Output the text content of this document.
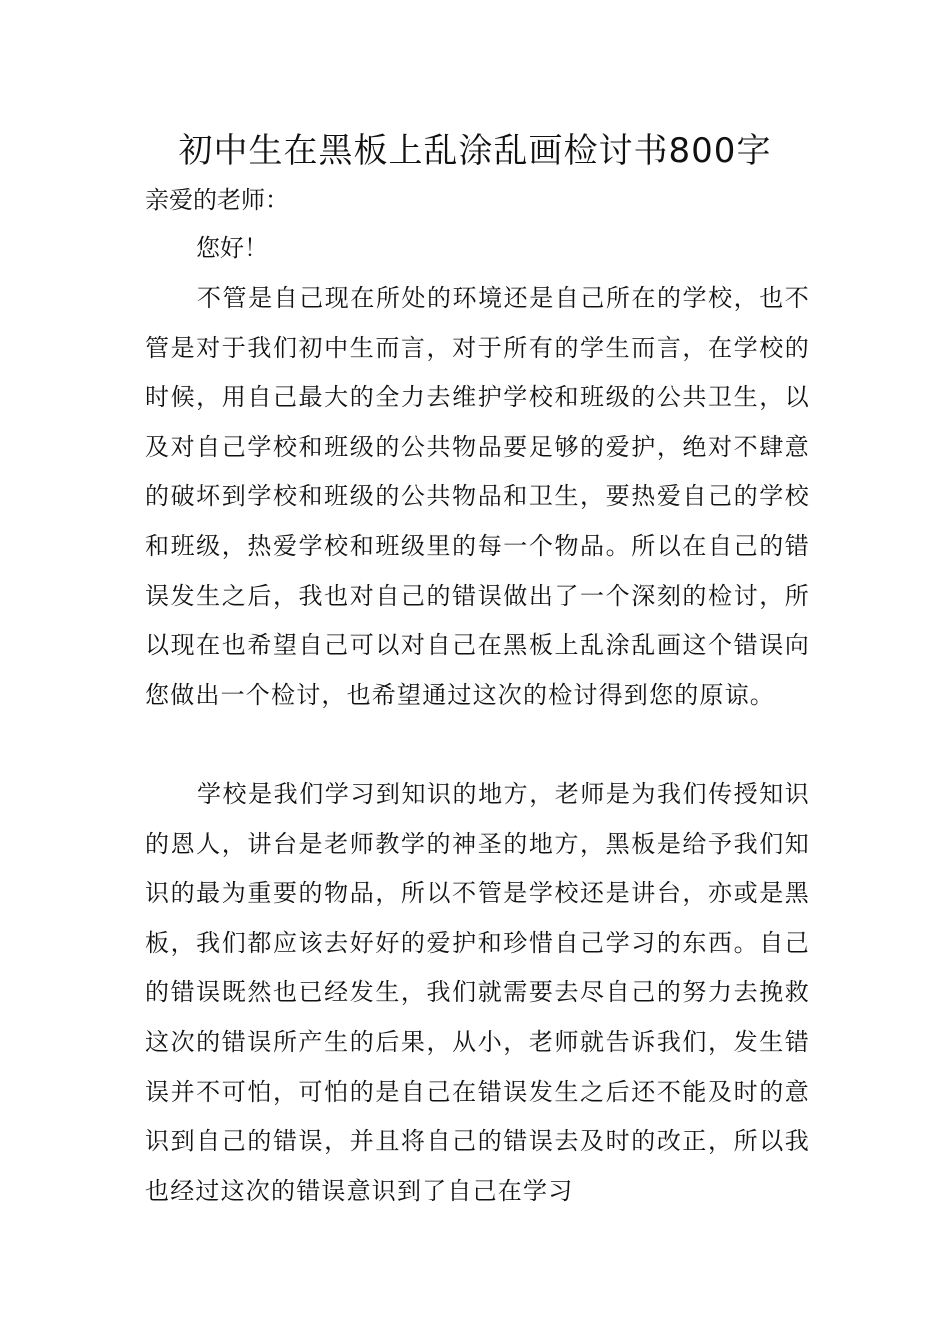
初中生在黑板上乱涂乱画检讨书800字

亲爱的老师：

您好！

不管是自己现在所处的环境还是自己所在的学校，也不管是对于我们初中生而言，对于所有的学生而言，在学校的时候，用自己最大的全力去维护学校和班级的公共卫生，以及对自己学校和班级的公共物品要足够的爱护，绝对不肆意的破坏到学校和班级的公共物品和卫生，要热爱自己的学校和班级，热爱学校和班级里的每一个物品。所以在自己的错误发生之后，我也对自己的错误做出了一个深刻的检讨，所以现在也希望自己可以对自己在黑板上乱涂乱画这个错误向您做出一个检讨，也希望通过这次的检讨得到您的原谅。

学校是我们学习到知识的地方，老师是为我们传授知识的恩人，讲台是老师教学的神圣的地方，黑板是给予我们知识的最为重要的物品，所以不管是学校还是讲台，亦或是黑板，我们都应该去好好的爱护和珍惜自己学习的东西。自己的错误既然也已经发生，我们就需要去尽自己的努力去挽救这次的错误所产生的后果，从小，老师就告诉我们，发生错误并不可怕，可怕的是自己在错误发生之后还不能及时的意识到自己的错误，并且将自己的错误去及时的改正，所以我也经过这次的错误意识到了自己在学习
